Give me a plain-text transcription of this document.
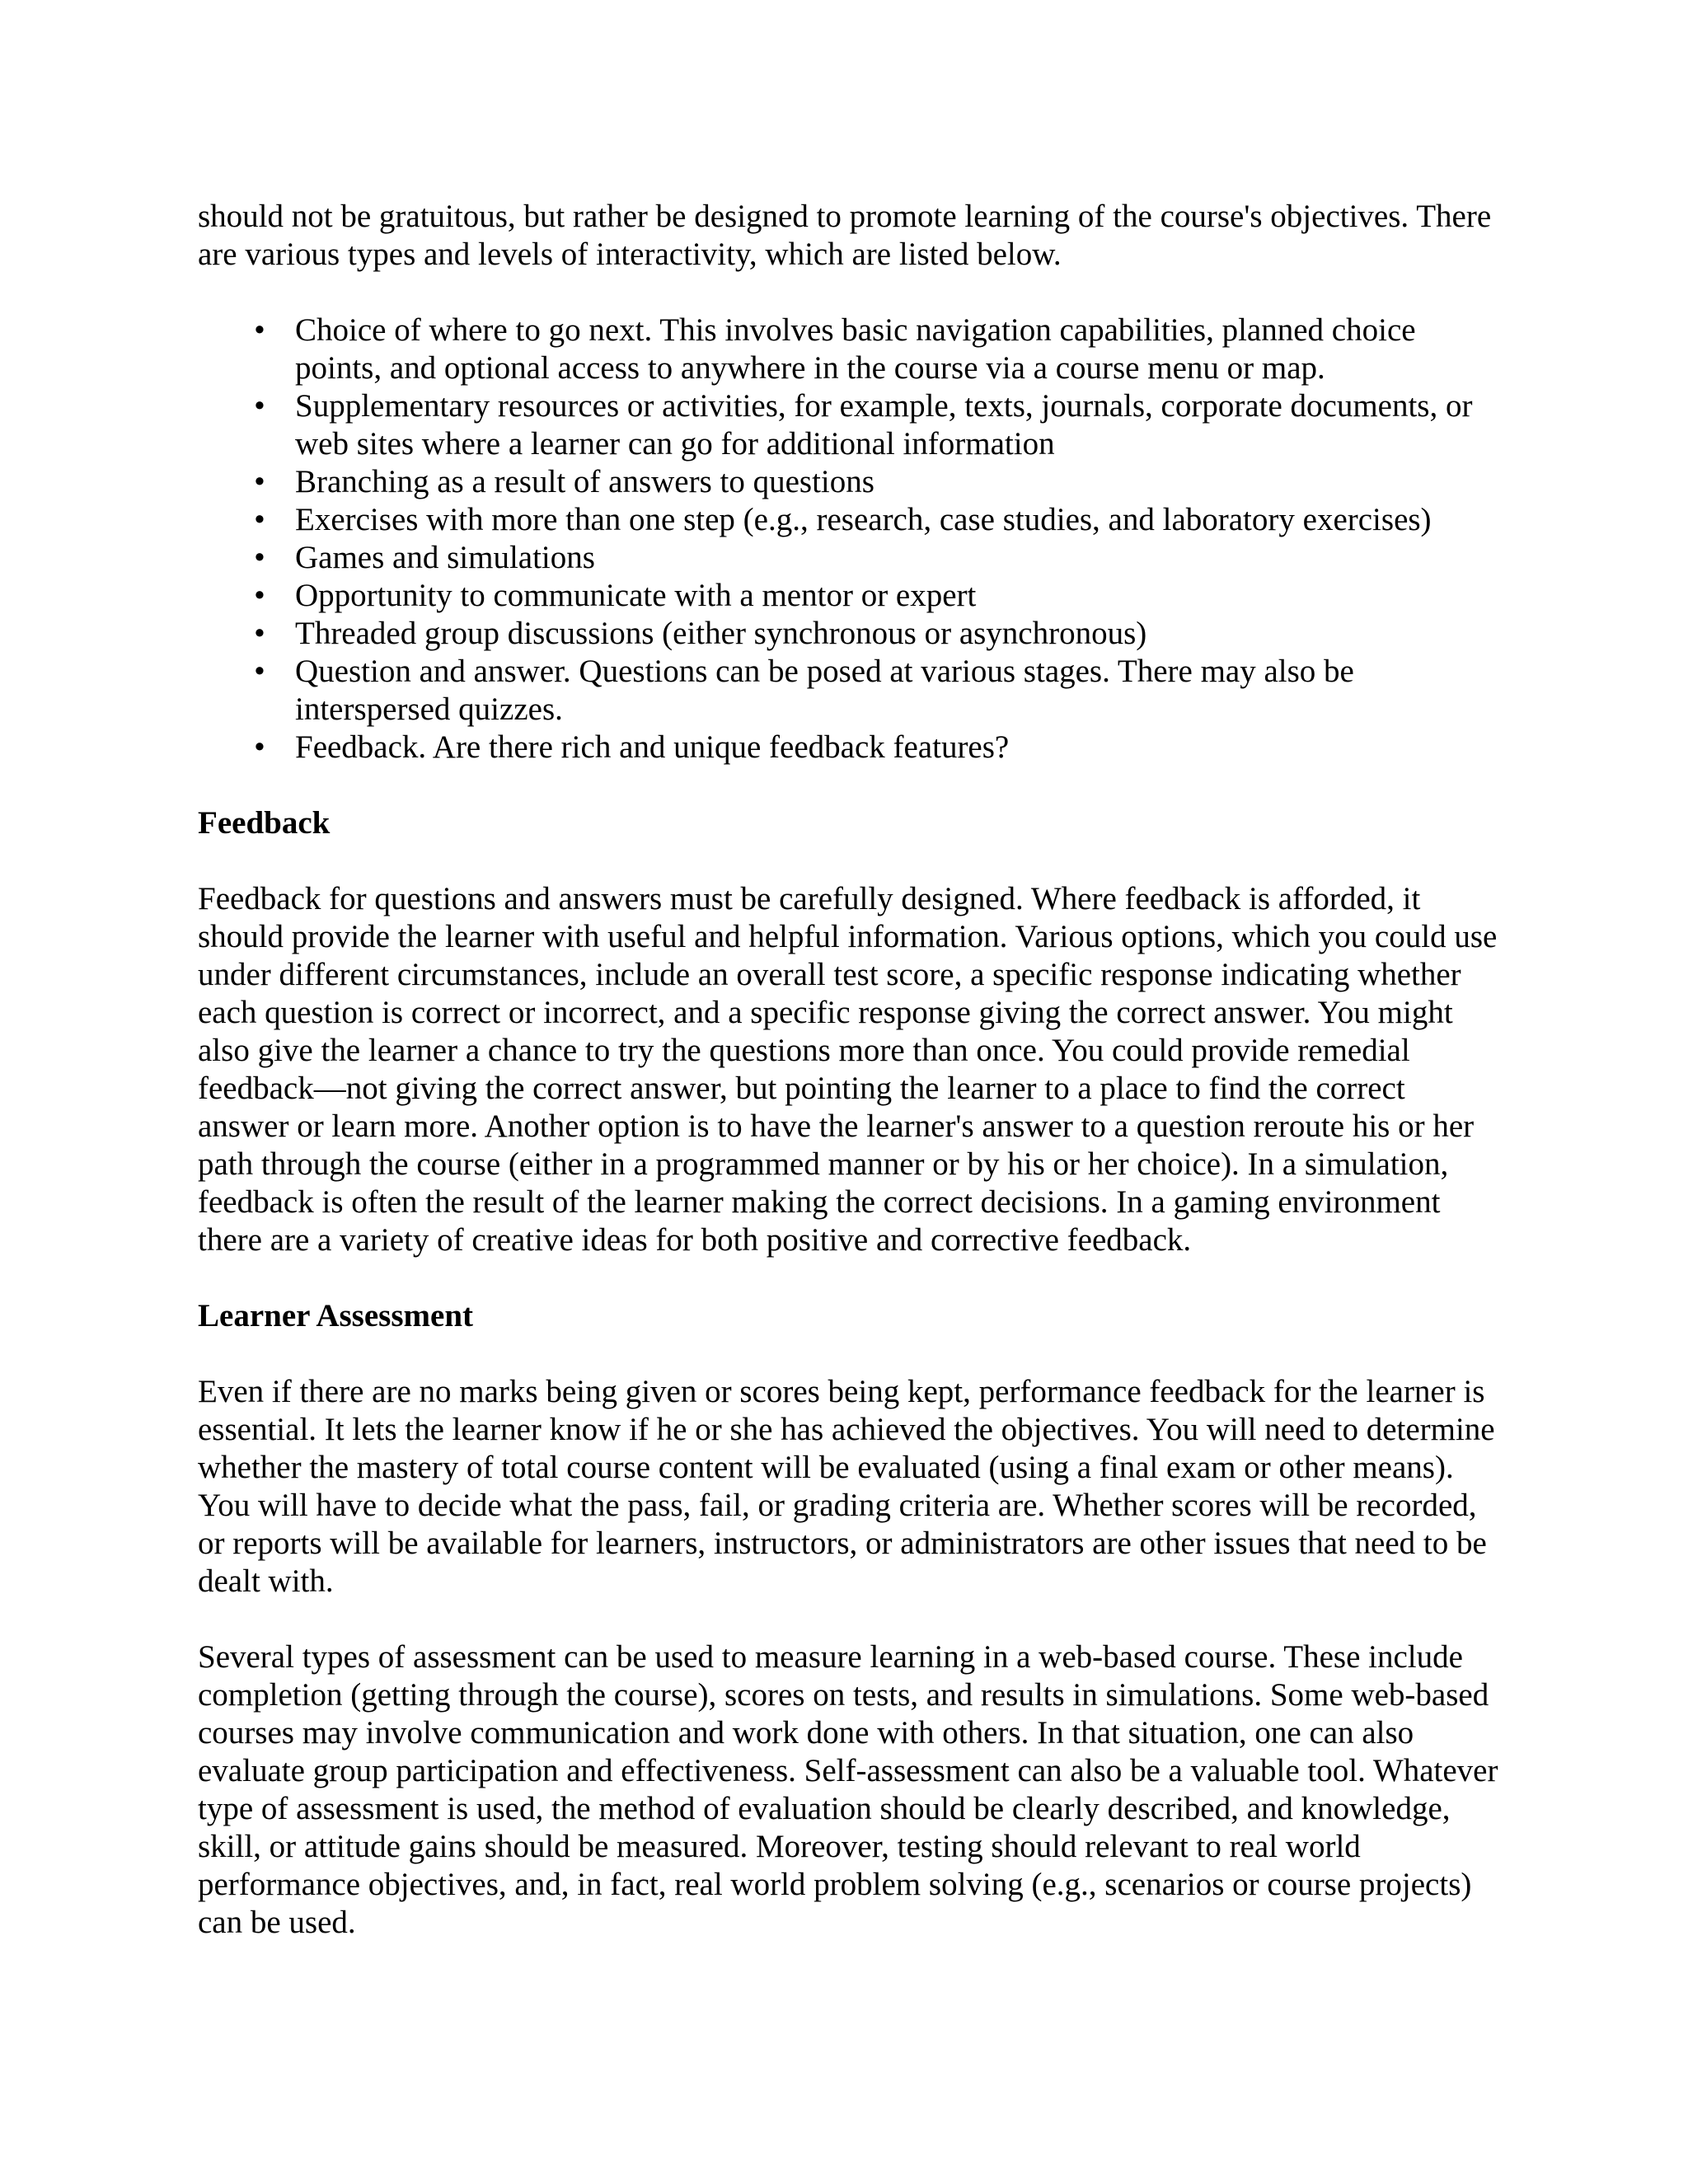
should not be gratuitous, but rather be designed to promote learning of the course's objectives. There are various types and levels of interactivity, which are listed below.

• Choice of where to go next. This involves basic navigation capabilities, planned choice points, and optional access to anywhere in the course via a course menu or map.
• Supplementary resources or activities, for example, texts, journals, corporate documents, or web sites where a learner can go for additional information
• Branching as a result of answers to questions
• Exercises with more than one step (e.g., research, case studies, and laboratory exercises)
• Games and simulations
• Opportunity to communicate with a mentor or expert
• Threaded group discussions (either synchronous or asynchronous)
• Question and answer. Questions can be posed at various stages. There may also be interspersed quizzes.
• Feedback. Are there rich and unique feedback features?
Feedback

Feedback for questions and answers must be carefully designed. Where feedback is afforded, it should provide the learner with useful and helpful information. Various options, which you could use under different circumstances, include an overall test score, a specific response indicating whether each question is correct or incorrect, and a specific response giving the correct answer. You might also give the learner a chance to try the questions more than once. You could provide remedial feedback—not giving the correct answer, but pointing the learner to a place to find the correct answer or learn more. Another option is to have the learner's answer to a question reroute his or her path through the course (either in a programmed manner or by his or her choice). In a simulation, feedback is often the result of the learner making the correct decisions. In a gaming environment there are a variety of creative ideas for both positive and corrective feedback.

Learner Assessment

Even if there are no marks being given or scores being kept, performance feedback for the learner is essential. It lets the learner know if he or she has achieved the objectives. You will need to determine whether the mastery of total course content will be evaluated (using a final exam or other means). You will have to decide what the pass, fail, or grading criteria are. Whether scores will be recorded, or reports will be available for learners, instructors, or administrators are other issues that need to be dealt with.

Several types of assessment can be used to measure learning in a web-based course. These include completion (getting through the course), scores on tests, and results in simulations. Some web-based courses may involve communication and work done with others. In that situation, one can also evaluate group participation and effectiveness. Self-assessment can also be a valuable tool. Whatever type of assessment is used, the method of evaluation should be clearly described, and knowledge, skill, or attitude gains should be measured. Moreover, testing should relevant to real world performance objectives, and, in fact, real world problem solving (e.g., scenarios or course projects) can be used.
